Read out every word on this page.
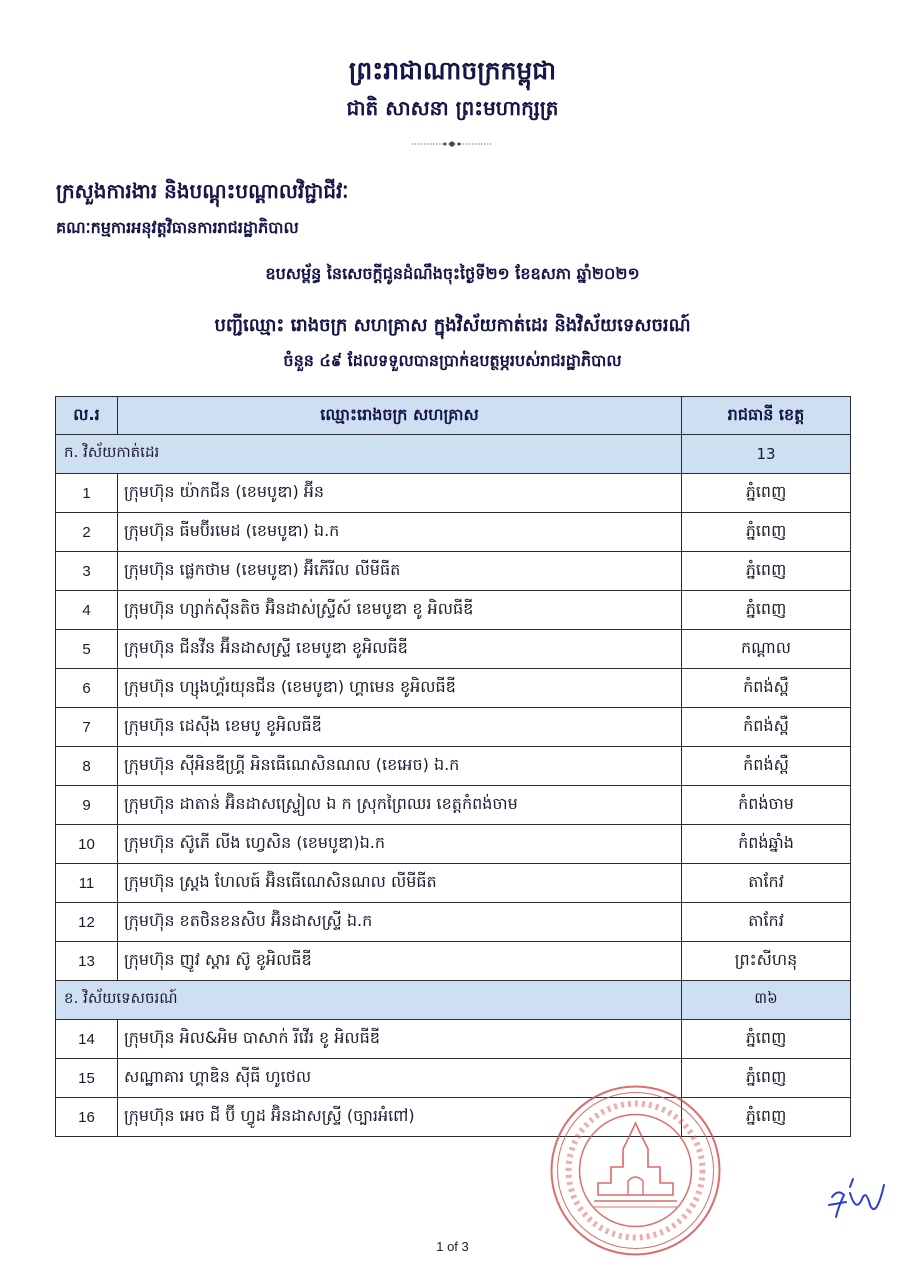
ព្រះរាជាណាចក្រកម្ពុជា
ជាតិ សាសនា ព្រះមហាក្សត្រ
ក្រសួងការងារ និងបណ្តុះបណ្តាលវិជ្ជាជីវៈ
គណៈកម្មការអនុវត្តវិធានការរាជរដ្ឋាភិបាល
ឧបសម្ព័ន្ធ នៃសេចក្តីជូនដំណឹងចុះថ្ងៃទី២១ ខែឧសភា ឆ្នាំ២០២១
បញ្ជីឈ្មោះ រោងចក្រ សហគ្រាស ក្នុងវិស័យកាត់ដេរ និងវិស័យទេសចរណ៍
ចំនួន ៤៩ ដែលទទួលបានប្រាក់ឧបត្ថម្ភរបស់រាជរដ្ឋាភិបាល
ល.រ	ឈ្មោះរោងចក្រ សហគ្រាស	រាជធានី ខេត្ត
ក. វិស័យកាត់ដេរ		13
1	ក្រុមហ៊ុន យ៉ាកជីន (ខេមបូឌា) អ៊ីន	ភ្នំពេញ
2	ក្រុមហ៊ុន ធីមប៊ីរមេដ (ខេមបូឌា) ឯ.ក	ភ្នំពេញ
3	ក្រុមហ៊ុន ផ្លេកថាម (ខេមបូឌា) អ៊ីភើរីល លីមីធីត	ភ្នំពេញ
4	ក្រុមហ៊ុន ហ្សាក់ស៊ីនតិច អ៊ិនដាស់ស្ទ្រីស៍ ខេមបូឌា ខូ អិលធីឌី	ភ្នំពេញ
5	ក្រុមហ៊ុន ជីនវីន អ៊ីនដាសស្ទ្រី ខេមបូឌា ខូអិលធីឌី	កណ្តាល
6	ក្រុមហ៊ុន ហ្សុងហ្គ័រយុនជីន (ខេមបូឌា) ហ្គាមេន ខូអិលធីឌី	កំពង់ស្ពឺ
7	ក្រុមហ៊ុន ដេស៊ីង ខេមបូ ខូអិលធីឌី	កំពង់ស្ពឺ
8	ក្រុមហ៊ុន ស៊ីអិនឌីហ្គ្រី អិនធើណេសិនណល (ខេអេច) ឯ.ក	កំពង់ស្ពឺ
9	ក្រុមហ៊ុន ដាតាន់ អ៊ិនដាសស្ទ្រៀល ឯ ក ស្រុកព្រៃឈរ ខេត្តកំពង់ចាម	កំពង់ចាម
10	ក្រុមហ៊ុន ស៊ូភើ លីង ហ្វេសិន (ខេមបូឌា)ឯ.ក	កំពង់ឆ្នាំង
11	ក្រុមហ៊ុន ស្ត្រង ហែលធ៍ អ៊ិនធើណេសិនណល លីមីធីត	តាកែវ
12	ក្រុមហ៊ុន ខតថិនខនសិប អ៊ិនដាសស្ទ្រី ឯ.ក	តាកែវ
13	ក្រុមហ៊ុន ញូវ ស្តារ ស៊ូ ខូអិលធីឌី	ព្រះសីហនុ
ខ. វិស័យទេសចរណ៍		៣៦
14	ក្រុមហ៊ុន អិល&អិម បាសាក់ រីវើរ ខូ អិលធីឌី	ភ្នំពេញ
15	សណ្ឋាគារ ហ្គាឌិន ស៊ីធី ហូថេល	ភ្នំពេញ
16	ក្រុមហ៊ុន អេច ជី ប៊ី ហ្វូដ អ៊ិនដាសស្ទ្រី (ច្បារអំពៅ)	ភ្នំពេញ
1 of 3
